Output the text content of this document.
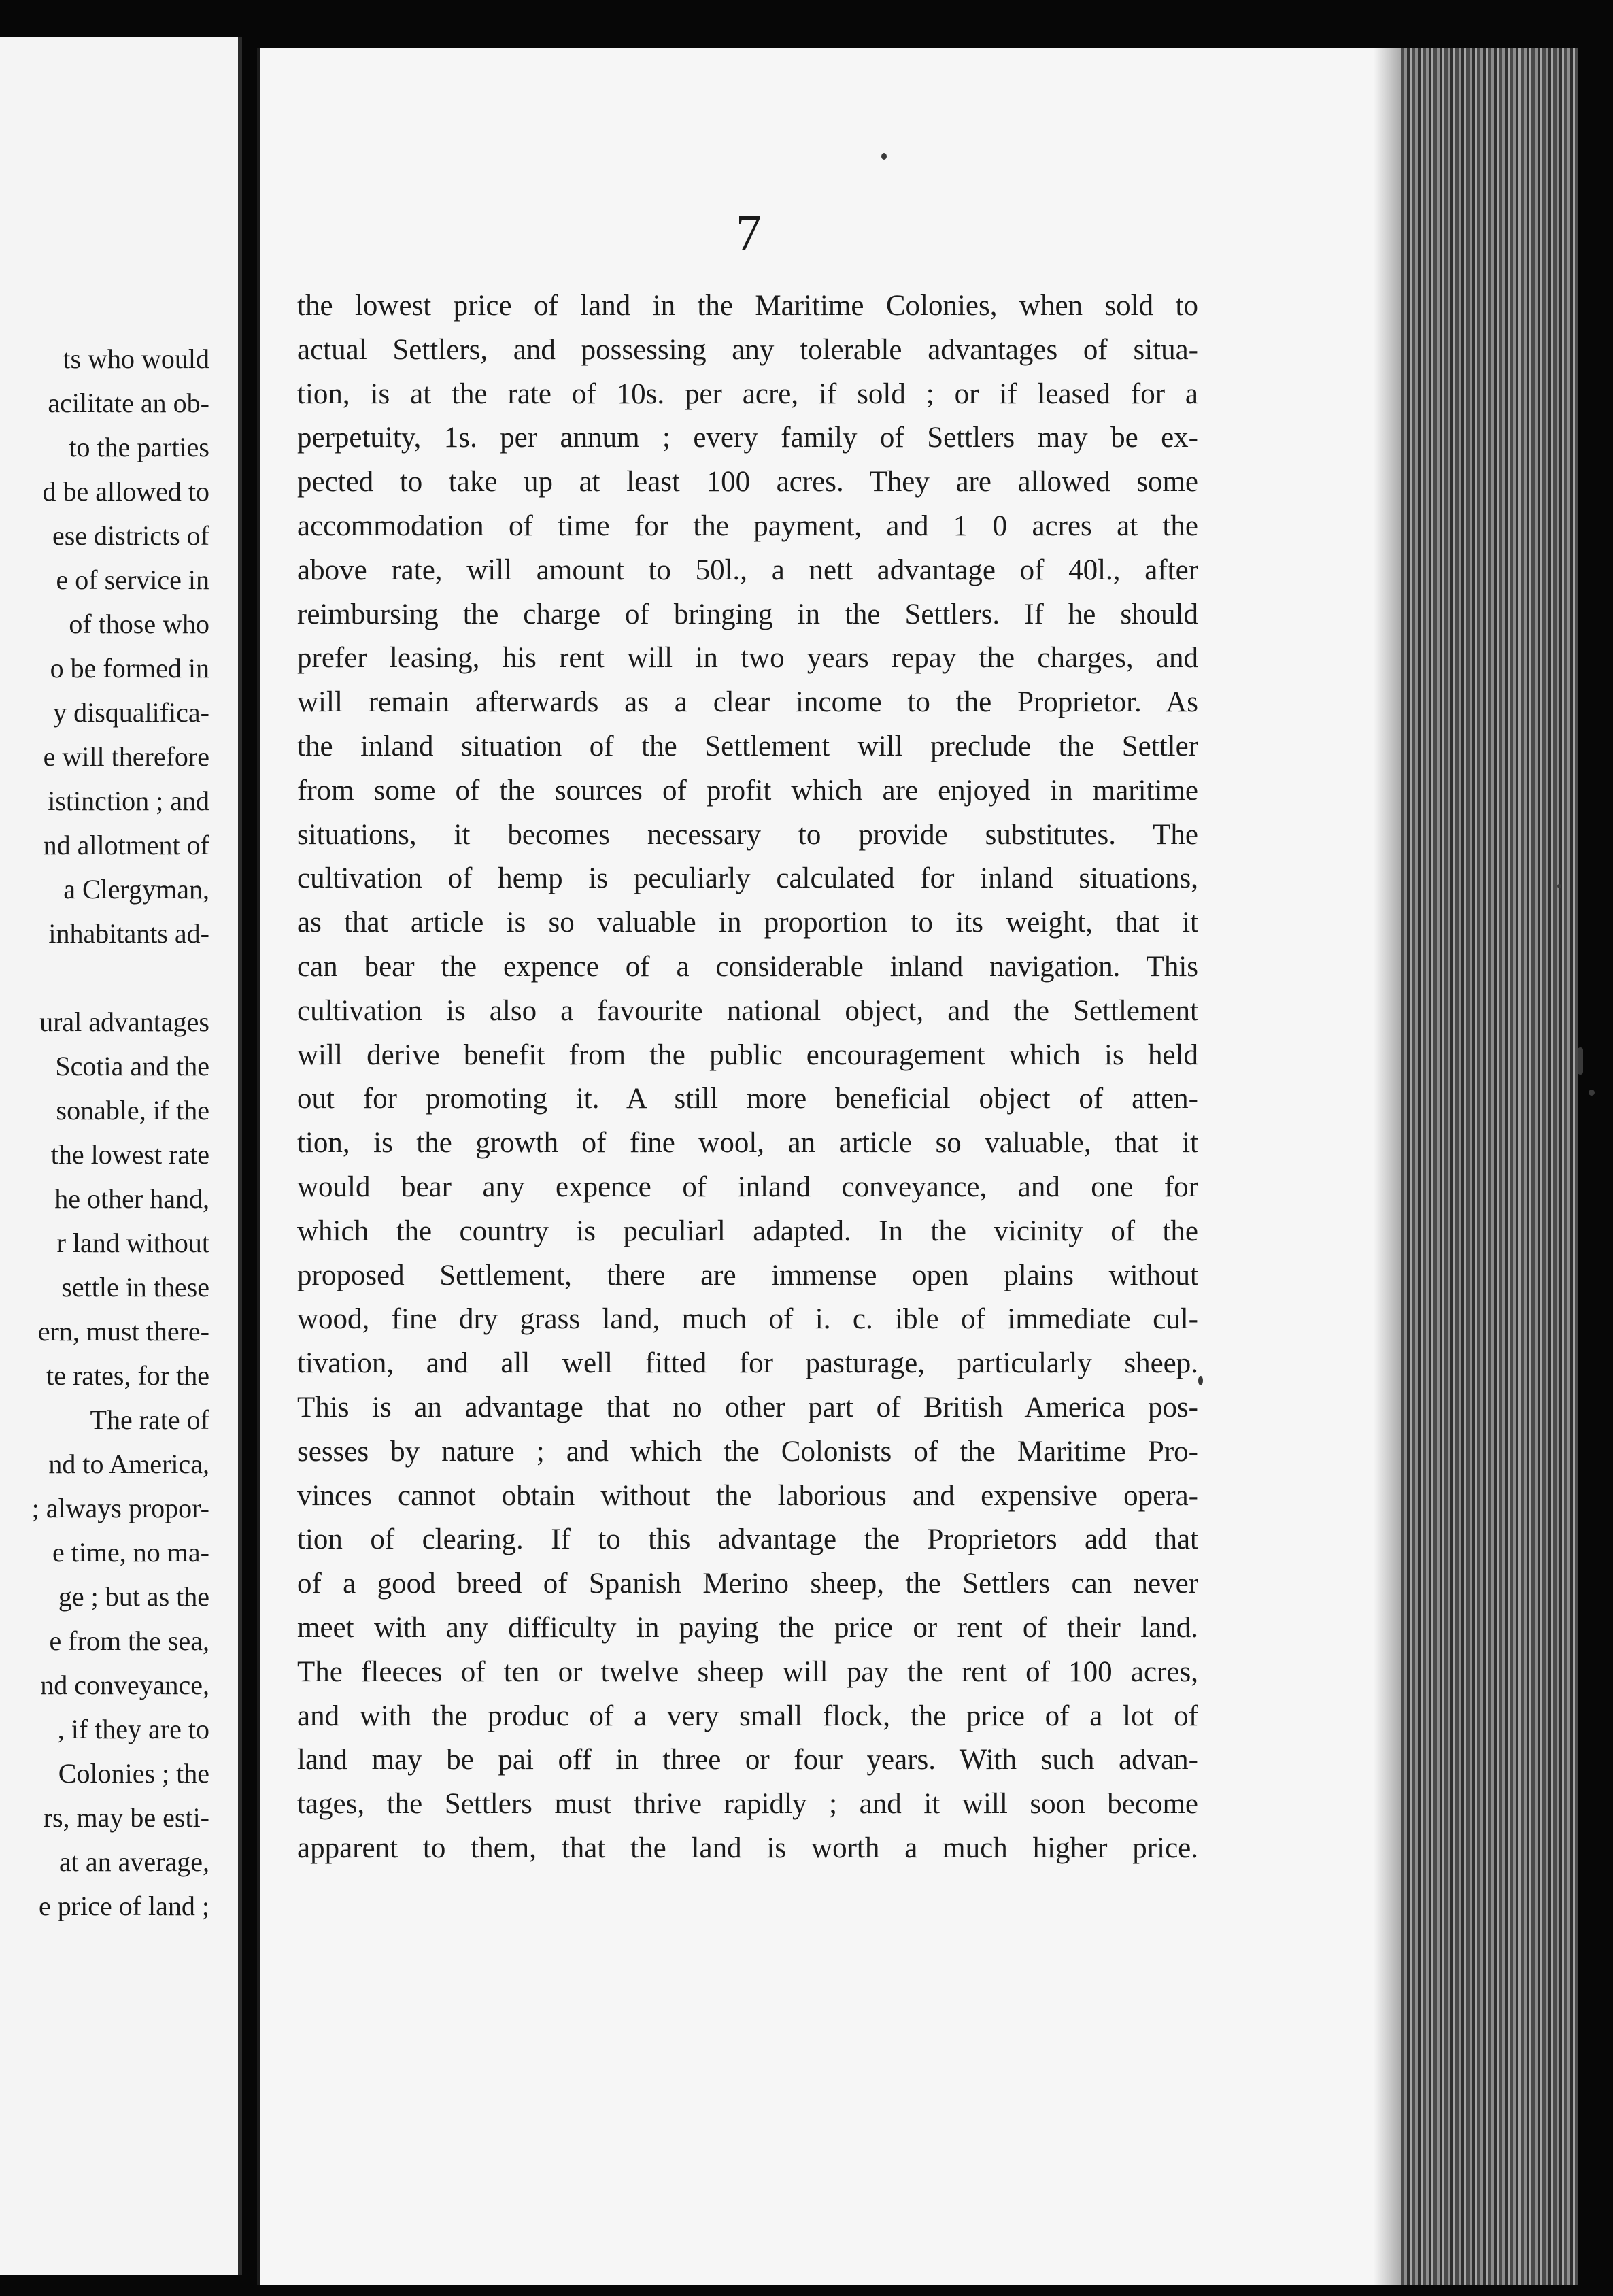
ts who would
acilitate an ob-
to the parties
d be allowed to
ese districts of
e of service in
of those who
o be formed in
y disqualifica-
e will therefore
istinction ; and
nd allotment of
a Clergyman,
inhabitants ad-
ural advantages
Scotia and the
sonable, if the
the lowest rate
he other hand,
r land without
settle in these
ern, must there-
te rates, for the
The rate of
nd to America,
; always propor-
e time, no ma-
ge ; but as the
e from the sea,
nd conveyance,
, if they are to
Colonies ; the
rs, may be esti-
at an average,
e price of land ;
7
the lowest price of land in the Maritime Colonies, when sold to
actual Settlers, and possessing any tolerable advantages of situa-
tion, is at the rate of 10s. per acre, if sold ; or if leased for a
perpetuity, 1s. per annum ; every family of Settlers may be ex-
pected to take up at least 100 acres. They are allowed some
accommodation of time for the payment, and 1 0 acres at the
above rate, will amount to 50l., a nett advantage of 40l., after
reimbursing the charge of bringing in the Settlers. If he should
prefer leasing, his rent will in two years repay the charges, and
will remain afterwards as a clear income to the Proprietor. As
the inland situation of the Settlement will preclude the Settler
from some of the sources of profit which are enjoyed in maritime
situations, it becomes necessary to provide substitutes. The
cultivation of hemp is peculiarly calculated for inland situations,
as that article is so valuable in proportion to its weight, that it
can bear the expence of a considerable inland navigation. This
cultivation is also a favourite national object, and the Settlement
will derive benefit from the public encouragement which is held
out for promoting it. A still more beneficial object of atten-
tion, is the growth of fine wool, an article so valuable, that it
would bear any expence of inland conveyance, and one for
which the country is peculiarl adapted. In the vicinity of the
proposed Settlement, there are immense open plains without
wood, fine dry grass land, much of i. c. ible of immediate cul-
tivation, and all well fitted for pasturage, particularly sheep.
This is an advantage that no other part of British America pos-
sesses by nature ; and which the Colonists of the Maritime Pro-
vinces cannot obtain without the laborious and expensive opera-
tion of clearing. If to this advantage the Proprietors add that
of a good breed of Spanish Merino sheep, the Settlers can never
meet with any difficulty in paying the price or rent of their land.
The fleeces of ten or twelve sheep will pay the rent of 100 acres,
and with the produc of a very small flock, the price of a lot of
land may be pai off in three or four years. With such advan-
tages, the Settlers must thrive rapidly ; and it will soon become
apparent to them, that the land is worth a much higher price.
